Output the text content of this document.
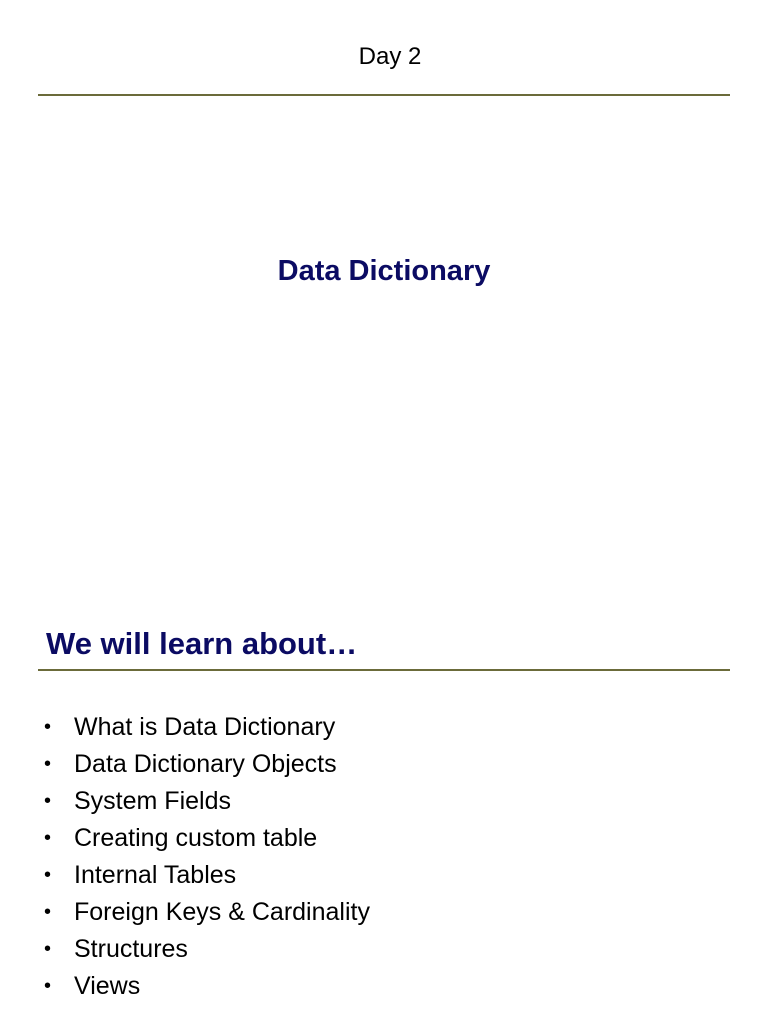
Day 2
Data Dictionary
We will learn about…
• What is Data Dictionary
• Data Dictionary Objects
• System Fields
• Creating custom table
• Internal Tables
• Foreign Keys & Cardinality
• Structures
• Views
